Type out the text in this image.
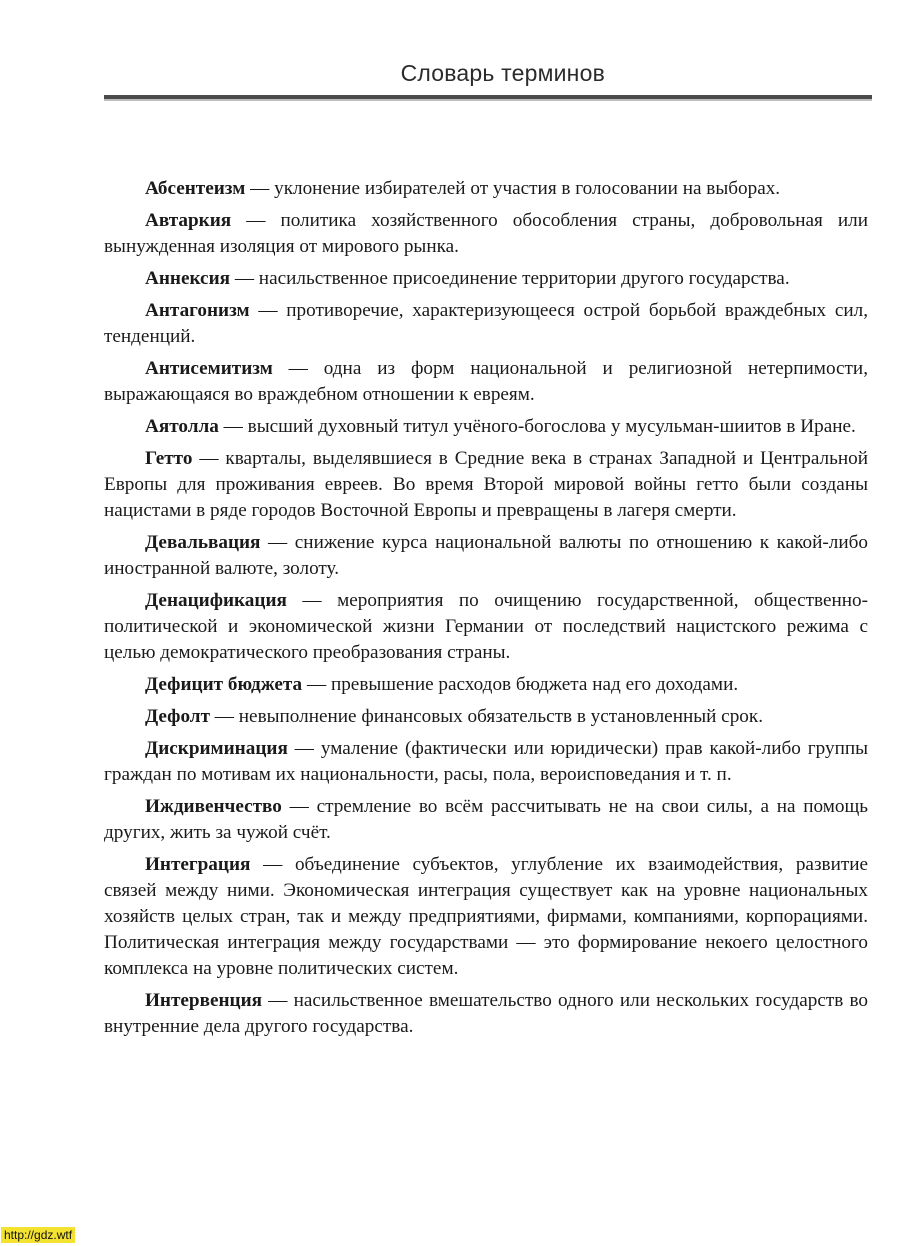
Словарь терминов

Абсентеизм — уклонение избирателей от участия в голосовании на выборах.

Автаркия — политика хозяйственного обособления страны, добровольная или вынужденная изоляция от мирового рынка.

Аннексия — насильственное присоединение территории другого государства.

Антагонизм — противоречие, характеризующееся острой борьбой враждебных сил, тенденций.

Антисемитизм — одна из форм национальной и религиозной нетерпимости, выражающаяся во враждебном отношении к евреям.

Аятолла — высший духовный титул учёного-богослова у мусульман-шиитов в Иране.

Гетто — кварталы, выделявшиеся в Средние века в странах Западной и Центральной Европы для проживания евреев. Во время Второй мировой войны гетто были созданы нацистами в ряде городов Восточной Европы и превращены в лагеря смерти.

Девальвация — снижение курса национальной валюты по отношению к какой-либо иностранной валюте, золоту.

Денацификация — мероприятия по очищению государственной, общественно-политической и экономической жизни Германии от последствий нацистского режима с целью демократического преобразования страны.

Дефицит бюджета — превышение расходов бюджета над его доходами.

Дефолт — невыполнение финансовых обязательств в установленный срок.

Дискриминация — умаление (фактически или юридически) прав какой-либо группы граждан по мотивам их национальности, расы, пола, вероисповедания и т. п.

Иждивенчество — стремление во всём рассчитывать не на свои силы, а на помощь других, жить за чужой счёт.

Интеграция — объединение субъектов, углубление их взаимодействия, развитие связей между ними. Экономическая интеграция существует как на уровне национальных хозяйств целых стран, так и между предприятиями, фирмами, компаниями, корпорациями. Политическая интеграция между государствами — это формирование некоего целостного комплекса на уровне политических систем.

Интервенция — насильственное вмешательство одного или нескольких государств во внутренние дела другого государства.

http://gdz.wtf
